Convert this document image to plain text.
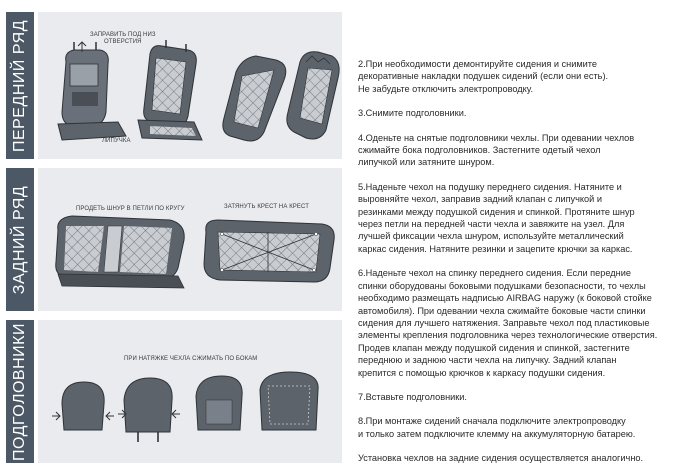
ПЕРЕДНИЙ РЯД
ЗАДНИЙ РЯД
ПОДГОЛОВНИКИ
ЗАПРАВИТЬ ПОД НИЗ
ОТВЕРСТИЯ
ЛИПУЧКА
ПРОДЕТЬ ШНУР В ПЕТЛИ ПО КРУГУ	ЗАТЯНУТЬ КРЕСТ НА КРЕСТ
ПРИ НАТЯЖКЕ ЧЕХЛА СЖИМАТЬ ПО БОКАМ

2.При необходимости демонтируйте сидения и снимите
декоративные накладки подушек сидений (если они есть).
Не забудьте отключить электропроводку.

3.Снимите подголовники.

4.Оденьте на снятые подголовники чехлы. При одевании чехлов
сжимайте бока подголовников. Застегните одетый чехол
липучкой или затяните шнуром.

5.Наденьте чехол на подушку переднего сидения. Натяните и
выровняйте чехол, заправив задний клапан с липучкой и
резинками между подушкой сидения и спинкой. Протяните шнур
через петли на передней части чехла и завяжите на узел. Для
лучшей фиксации чехла шнуром, используйте металлический
каркас сидения. Натяните резинки и зацепите крючки за каркас.

6.Наденьте чехол на спинку переднего сидения. Если передние
спинки оборудованы боковыми подушками безопасности, то чехлы
необходимо размещать надписью AIRBAG наружу (к боковой стойке
автомобиля). При одевании чехла сжимайте боковые части спинки
сидения для лучшего натяжения. Заправьте чехол под пластиковые
элементы крепления подголовника через технологические отверстия.
Продев клапан между подушкой сидения и спинкой, застегните
переднюю и заднюю части чехла на липучку. Задний клапан
крепится с помощью крючков к каркасу подушки сидения.

7.Вставьте подголовники.

8.При монтаже сидений сначала подключите электропроводку
и только затем подключите клемму на аккумуляторную батарею.

Установка чехлов на задние сидения осуществляется аналогично.
